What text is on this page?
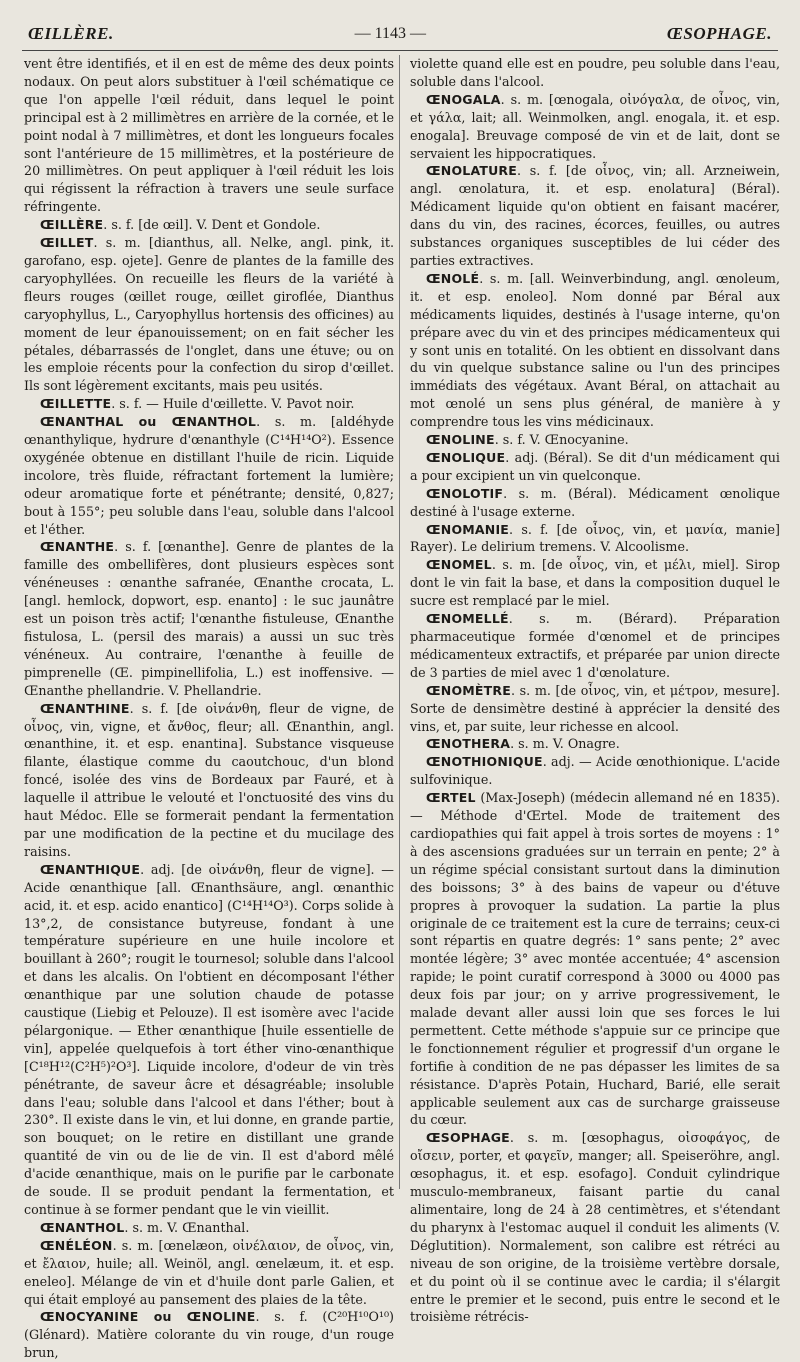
ŒILLÈRE.	— 1143 —	ŒSOPHAGE.

vent être identifiés, et il en est de même des deux points nodaux. On peut alors substituer à l'œil schématique ce que l'on appelle l'œil réduit, dans lequel le point principal est à 2 millimètres en arrière de la cornée, et le point nodal à 7 millimètres, et dont les longueurs focales sont l'antérieure de 15 millimètres, et la postérieure de 20 millimètres. On peut appliquer à l'œil réduit les lois qui régissent la réfraction à travers une seule surface réfringente.

ŒILLÈRE. s. f. [de œil]. V. Dent et Gondole.

ŒILLET. s. m. [dianthus, all. Nelke, angl. pink, it. garofano, esp. ojete]. Genre de plantes de la famille des caryophyllées. On recueille les fleurs de la variété à fleurs rouges (œillet rouge, œillet giroflée, Dianthus caryophyllus, L., Caryophyllus hortensis des officines) au moment de leur épanouissement; on en fait sécher les pétales, débarrassés de l'onglet, dans une étuve; ou on les emploie récents pour la confection du sirop d'œillet. Ils sont légèrement excitants, mais peu usités.

ŒILLETTE. s. f. — Huile d'œillette. V. Pavot noir.

ŒNANTHAL ou ŒNANTHOL. s. m. [aldéhyde œnanthylique, hydrure d'œnanthyle (C¹⁴H¹⁴O²). Essence oxygénée obtenue en distillant l'huile de ricin. Liquide incolore, très fluide, réfractant fortement la lumière; odeur aromatique forte et pénétrante; densité, 0,827; bout à 155°; peu soluble dans l'eau, soluble dans l'alcool et l'éther.

ŒNANTHE. s. f. [œnanthe]. Genre de plantes de la famille des ombellifères, dont plusieurs espèces sont vénéneuses : œnanthe safranée, Œnanthe crocata, L. [angl. hemlock, dopwort, esp. enanto] : le suc jaunâtre est un poison très actif; l'œnanthe fistuleuse, Œnanthe fistulosa, L. (persil des marais) a aussi un suc très vénéneux. Au contraire, l'œnanthe à feuille de pimprenelle (Œ. pimpinellifolia, L.) est inoffensive. — Œnanthe phellandrie. V. Phellandrie.

ŒNANTHINE. s. f. [de οἰνάνθη, fleur de vigne, de οἶνος, vin, vigne, et ἄνθος, fleur; all. Œnanthin, angl. œnanthine, it. et esp. enantina]. Substance visqueuse filante, élastique comme du caoutchouc, d'un blond foncé, isolée des vins de Bordeaux par Fauré, et à laquelle il attribue le velouté et l'onctuosité des vins du haut Médoc. Elle se formerait pendant la fermentation par une modification de la pectine et du mucilage des raisins.

ŒNANTHIQUE. adj. [de οἰνάνθη, fleur de vigne]. — Acide œnanthique [all. Œnanthsäure, angl. œnanthic acid, it. et esp. acido enantico] (C¹⁴H¹⁴O³). Corps solide à 13°,2, de consistance butyreuse, fondant à une température supérieure en une huile incolore et bouillant à 260°; rougit le tournesol; soluble dans l'alcool et dans les alcalis. On l'obtient en décomposant l'éther œnanthique par une solution chaude de potasse caustique (Liebig et Pelouze). Il est isomère avec l'acide pélargonique. — Ether œnanthique [huile essentielle de vin], appelée quelquefois à tort éther vino-œnanthique [C¹⁸H¹²(C²H⁵)²O³]. Liquide incolore, d'odeur de vin très pénétrante, de saveur âcre et désagréable; insoluble dans l'eau; soluble dans l'alcool et dans l'éther; bout à 230°. Il existe dans le vin, et lui donne, en grande partie, son bouquet; on le retire en distillant une grande quantité de vin ou de lie de vin. Il est d'abord mêlé d'acide œnanthique, mais on le purifie par le carbonate de soude. Il se produit pendant la fermentation, et continue à se former pendant que le vin vieillit.

ŒNANTHOL. s. m. V. Œnanthal.

ŒNÉLÉON. s. m. [œnelæon, οἰνέλαιον, de οἶνος, vin, et ἔλαιον, huile; all. Weinöl, angl. œnelæum, it. et esp. eneleo]. Mélange de vin et d'huile dont parle Galien, et qui était employé au pansement des plaies de la tête.

ŒNOCYANINE ou ŒNOLINE. s. f. (C²⁰H¹⁰O¹⁰) (Glénard). Matière colorante du vin rouge, d'un rouge brun,

violette quand elle est en poudre, peu soluble dans l'eau, soluble dans l'alcool.

ŒNOGALA. s. m. [œnogala, οἰνόγαλα, de οἶνος, vin, et γάλα, lait; all. Weinmolken, angl. enogala, it. et esp. enogala]. Breuvage composé de vin et de lait, dont se servaient les hippocratiques.

ŒNOLATURE. s. f. [de οἶνος, vin; all. Arzneiwein, angl. œnolatura, it. et esp. enolatura] (Béral). Médicament liquide qu'on obtient en faisant macérer, dans du vin, des racines, écorces, feuilles, ou autres substances organiques susceptibles de lui céder des parties extractives.

ŒNOLÉ. s. m. [all. Weinverbindung, angl. œnoleum, it. et esp. enoleo]. Nom donné par Béral aux médicaments liquides, destinés à l'usage interne, qu'on prépare avec du vin et des principes médicamenteux qui y sont unis en totalité. On les obtient en dissolvant dans du vin quelque substance saline ou l'un des principes immédiats des végétaux. Avant Béral, on attachait au mot œnolé un sens plus général, de manière à y comprendre tous les vins médicinaux.

ŒNOLINE. s. f. V. Œnocyanine.

ŒNOLIQUE. adj. (Béral). Se dit d'un médicament qui a pour excipient un vin quelconque.

ŒNOLOTIF. s. m. (Béral). Médicament œnolique destiné à l'usage externe.

ŒNOMANIE. s. f. [de οἶνος, vin, et μανία, manie] Rayer). Le delirium tremens. V. Alcoolisme.

ŒNOMEL. s. m. [de οἶνος, vin, et μέλι, miel]. Sirop dont le vin fait la base, et dans la composition duquel le sucre est remplacé par le miel.

ŒNOMELLÉ. s. m. (Bérard). Préparation pharmaceutique formée d'œnomel et de principes médicamenteux extractifs, et préparée par union directe de 3 parties de miel avec 1 d'œnolature.

ŒNOMÈTRE. s. m. [de οἶνος, vin, et μέτρον, mesure]. Sorte de densimètre destiné à apprécier la densité des vins, et, par suite, leur richesse en alcool.

ŒNOTHERA. s. m. V. Onagre.

ŒNOTHIONIQUE. adj. — Acide œnothionique. L'acide sulfovinique.

ŒRTEL (Max-Joseph) (médecin allemand né en 1835). — Méthode d'Œrtel. Mode de traitement des cardiopathies qui fait appel à trois sortes de moyens : 1° à des ascensions graduées sur un terrain en pente; 2° à un régime spécial consistant surtout dans la diminution des boissons; 3° à des bains de vapeur ou d'étuve propres à provoquer la sudation. La partie la plus originale de ce traitement est la cure de terrains; ceux-ci sont répartis en quatre degrés: 1° sans pente; 2° avec montée légère; 3° avec montée accentuée; 4° ascension rapide; le point curatif correspond à 3000 ou 4000 pas deux fois par jour; on y arrive progressivement, le malade devant aller aussi loin que ses forces le lui permettent. Cette méthode s'appuie sur ce principe que le fonctionnement régulier et progressif d'un organe le fortifie à condition de ne pas dépasser les limites de sa résistance. D'après Potain, Huchard, Barié, elle serait applicable seulement aux cas de surcharge graisseuse du cœur.

ŒSOPHAGE. s. m. [œsophagus, οἰσοφάγος, de οἴσειν, porter, et φαγεῖν, manger; all. Speiseröhre, angl. œsophagus, it. et esp. esofago]. Conduit cylindrique musculo-membraneux, faisant partie du canal alimentaire, long de 24 à 28 centimètres, et s'étendant du pharynx à l'estomac auquel il conduit les aliments (V. Déglutition). Normalement, son calibre est rétréci au niveau de son origine, de la troisième vertèbre dorsale, et du point où il se continue avec le cardia; il s'élargit entre le premier et le second, puis entre le second et le troisième rétrécis-
